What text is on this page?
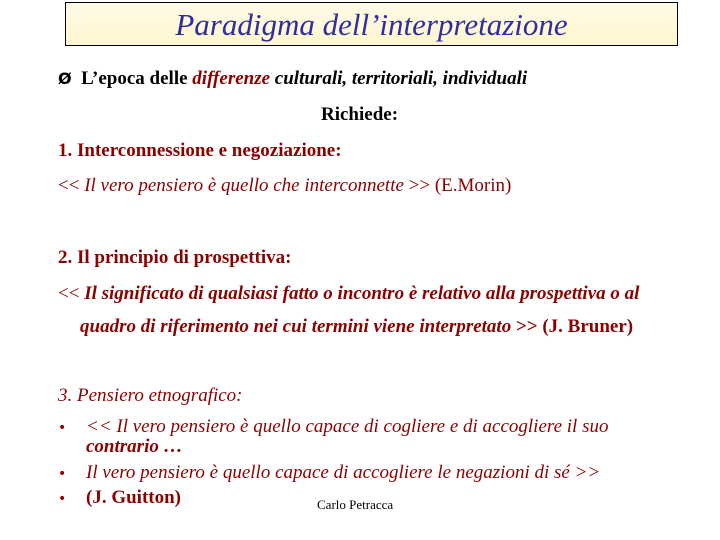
Paradigma dell’interpretazione
Ø L’epoca delle differenze culturali, territoriali, individuali
Richiede:
1. Interconnessione e negoziazione:
<< Il vero pensiero è quello che interconnette >> (E.Morin)
2. Il principio di prospettiva:
<< Il significato di qualsiasi fatto o incontro è relativo alla prospettiva o al
quadro di riferimento nei cui termini viene interpretato >> (J. Bruner)
3. Pensiero etnografico:
• << Il vero pensiero è quello capace di cogliere e di accogliere il suo
contrario …
• Il vero pensiero è quello capace di accogliere le negazioni di sé >>
• (J. Guitton)	Carlo Petracca
